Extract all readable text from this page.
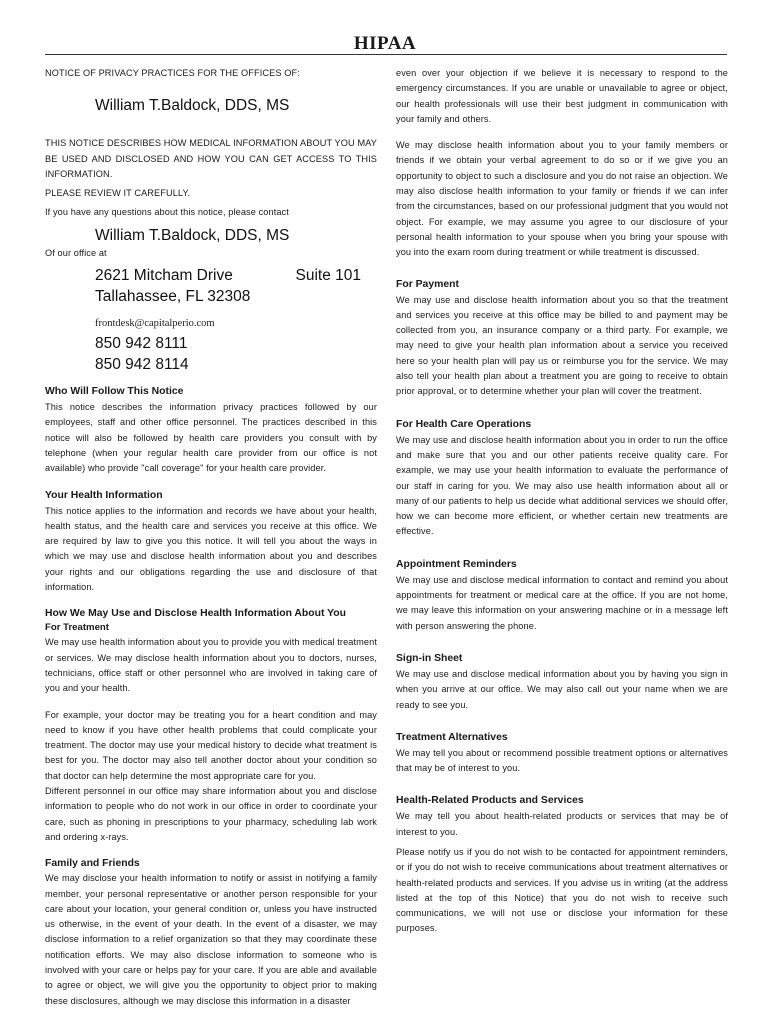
HIPAA
NOTICE OF PRIVACY PRACTICES FOR THE OFFICES OF:
William T.Baldock, DDS, MS
THIS NOTICE DESCRIBES HOW MEDICAL INFORMATION ABOUT YOU MAY BE USED AND DISCLOSED AND HOW YOU CAN GET ACCESS TO THIS INFORMATION.
PLEASE REVIEW IT CAREFULLY.
If you have any questions about this notice, please contact
William T.Baldock, DDS, MS
Of our office at
2621 Mitcham Drive	Suite 101
Tallahassee, FL 32308
frontdesk@capitalperio.com
850 942 8111
850 942 8114
Who Will Follow This Notice
This notice describes the information privacy practices followed by our employees, staff and other office personnel. The practices described in this notice will also be followed by health care providers you consult with by telephone (when your regular health care provider from our office is not available) who provide "call coverage" for your health care provider.
Your Health Information
This notice applies to the information and records we have about your health, health status, and the health care and services you receive at this office. We are required by law to give you this notice. It will tell you about the ways in which we may use and disclose health information about you and describes your rights and our obligations regarding the use and disclosure of that information.
How We May Use and Disclose Health Information About You
For Treatment
We may use health information about you to provide you with medical treatment or services. We may disclose health information about you to doctors, nurses, technicians, office staff or other personnel who are involved in taking care of you and your health.
For example, your doctor may be treating you for a heart condition and may need to know if you have other health problems that could complicate your treatment. The doctor may use your medical history to decide what treatment is best for you. The doctor may also tell another doctor about your condition so that doctor can help determine the most appropriate care for you.
Different personnel in our office may share information about you and disclose information to people who do not work in our office in order to coordinate your care, such as phoning in prescriptions to your pharmacy, scheduling lab work and ordering x-rays.
Family and Friends
We may disclose your health information to notify or assist in notifying a family member, your personal representative or another person responsible for your care about your location, your general condition or, unless you have instructed us otherwise, in the event of your death. In the event of a disaster, we may disclose information to a relief organization so that they may coordinate these notification efforts. We may also disclose information to someone who is involved with your care or helps pay for your care. If you are able and available to agree or object, we will give you the opportunity to object prior to making these disclosures, although we may disclose this information in a disaster
even over your objection if we believe it is necessary to respond to the emergency circumstances. If you are unable or unavailable to agree or object, our health professionals will use their best judgment in communication with your family and others.
We may disclose health information about you to your family members or friends if we obtain your verbal agreement to do so or if we give you an opportunity to object to such a disclosure and you do not raise an objection. We may also disclose health information to your family or friends if we can infer from the circumstances, based on our professional judgment that you would not object. For example, we may assume you agree to our disclosure of your personal health information to your spouse when you bring your spouse with you into the exam room during treatment or while treatment is discussed.
For Payment
We may use and disclose health information about you so that the treatment and services you receive at this office may be billed to and payment may be collected from you, an insurance company or a third party. For example, we may need to give your health plan information about a service you received here so your health plan will pay us or reimburse you for the service. We may also tell your health plan about a treatment you are going to receive to obtain prior approval, or to determine whether your plan will cover the treatment.
For Health Care Operations
We may use and disclose health information about you in order to run the office and make sure that you and our other patients receive quality care. For example, we may use your health information to evaluate the performance of our staff in caring for you. We may also use health information about all or many of our patients to help us decide what additional services we should offer, how we can become more efficient, or whether certain new treatments are effective.
Appointment Reminders
We may use and disclose medical information to contact and remind you about appointments for treatment or medical care at the office. If you are not home, we may leave this information on your answering machine or in a message left with person answering the phone.
Sign-in Sheet
We may use and disclose medical information about you by having you sign in when you arrive at our office. We may also call out your name when we are ready to see you.
Treatment Alternatives
We may tell you about or recommend possible treatment options or alternatives that may be of interest to you.
Health-Related Products and Services
We may tell you about health-related products or services that may be of interest to you.
Please notify us if you do not wish to be contacted for appointment reminders, or if you do not wish to receive communications about treatment alternatives or health-related products and services. If you advise us in writing (at the address listed at the top of this Notice) that you do not wish to receive such communications, we will not use or disclose your information for these purposes.
